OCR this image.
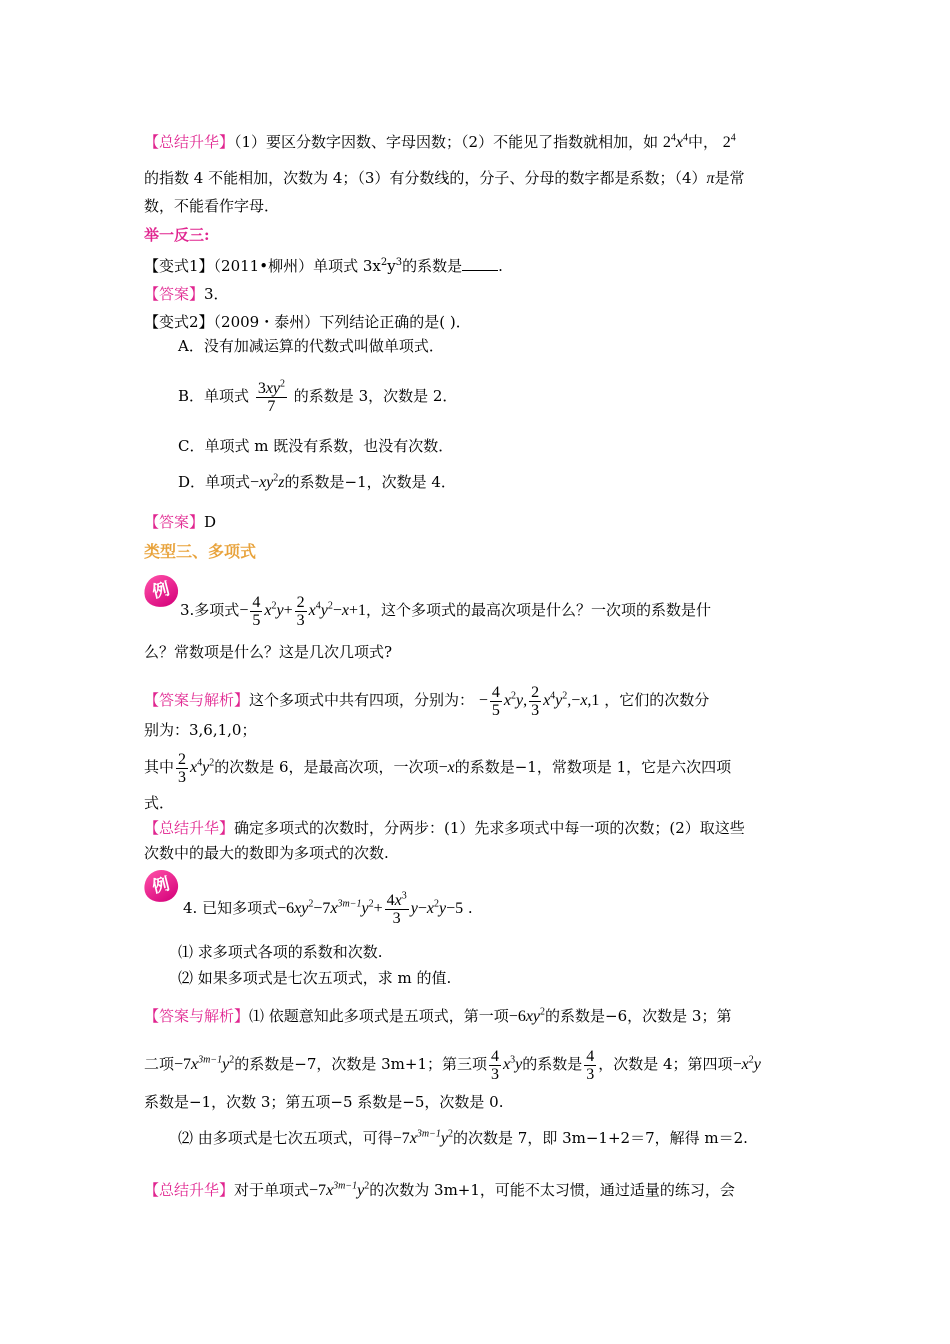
【总结升华】（1）要区分数字因数、字母因数；（2）不能见了指数就相加，如 $2^4x^4$中， $2^4$
的指数 4 不能相加，次数为 4；（3）有分数线的，分子、分母的数字都是系数；（4）π是常
数，不能看作字母．
举一反三:
【变式1】（2011•柳州）单项式 $3x^2y^3$的系数是 .
【答案】3．
【变式2】（2009・泰州）下列结论正确的是( )．
A．没有加减运算的代数式叫做单项式．
B．单项式 $\frac{3xy^2}{7}$ 的系数是 3，次数是 2．
C．单项式 m 既没有系数，也没有次数．
D．单项式$-xy^2z$的系数是−1，次数是 4．
【答案】D
类型三、多项式
例
3.多项式− $\frac{4}{5} x^2y+ \frac{2}{3} x^4y^2-x+1$，这个多项式的最高次项是什么？一次项的系数是什
么？常数项是什么？这是几次几项式?
【答案与解析】这个多项式中共有四项，分别为： − $\frac{4}{5} x^2y$, $\frac{2}{3} x^4y^2,-x,1$ ，它们的次数分
别为：3,6,1,0；
其中 $\frac{2}{3} x^4y^2$的次数是 6，是最高次项，一次项−x的系数是−1，常数项是 1，它是六次四项
式．
【总结升华】确定多项式的次数时，分两步：(1）先求多项式中每一项的次数；(2）取这些
次数中的最大的数即为多项式的次数.
例
4. 已知多项式$-6xy^2-7x^{3m-1}y^2+ \frac{4x^3}{3} y-x^2y-5$ .
⑴ 求多项式各项的系数和次数.
⑵ 如果多项式是七次五项式，求 m 的值.
【答案与解析】⑴ 依题意知此多项式是五项式，第一项$-6xy^2$的系数是−6，次数是 3；第
二项$-7x^{3m-1}y^2$的系数是−7，次数是 3m+1；第三项 $\frac{4}{3} x^3y$的系数是 $\frac{4}{3}$ ，次数是 4；第四项$-x^2y$
系数是−1，次数 3；第五项−5 系数是−5，次数是 0.
⑵ 由多项式是七次五项式，可得$-7x^{3m-1}y^2$的次数是 7，即 3m−1+2＝7，解得 m＝2.
【总结升华】对于单项式$-7x^{3m-1}y^2$的次数为 3m+1，可能不太习惯，通过适量的练习，会
